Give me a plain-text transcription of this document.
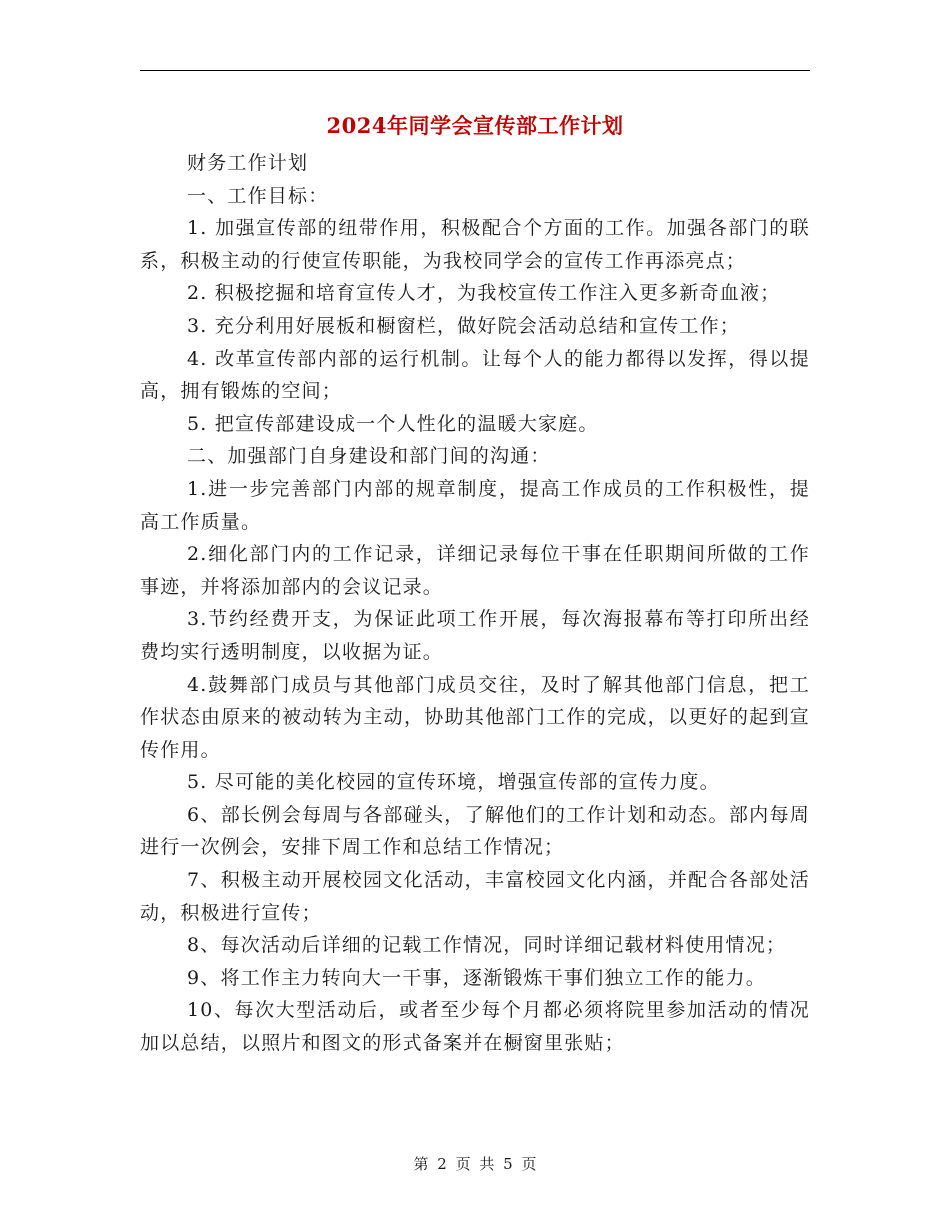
2024年同学会宣传部工作计划

财务工作计划

一、工作目标：

1. 加强宣传部的纽带作用，积极配合个方面的工作。加强各部门的联系，积极主动的行使宣传职能，为我校同学会的宣传工作再添亮点；

2. 积极挖掘和培育宣传人才，为我校宣传工作注入更多新奇血液；

3. 充分利用好展板和橱窗栏，做好院会活动总结和宣传工作；

4. 改革宣传部内部的运行机制。让每个人的能力都得以发挥，得以提高，拥有锻炼的空间；

5. 把宣传部建设成一个人性化的温暖大家庭。

二、加强部门自身建设和部门间的沟通：

1.进一步完善部门内部的规章制度，提高工作成员的工作积极性，提高工作质量。

2.细化部门内的工作记录，详细记录每位干事在任职期间所做的工作事迹，并将添加部内的会议记录。

3.节约经费开支，为保证此项工作开展，每次海报幕布等打印所出经费均实行透明制度，以收据为证。

4.鼓舞部门成员与其他部门成员交往，及时了解其他部门信息，把工作状态由原来的被动转为主动，协助其他部门工作的完成，以更好的起到宣传作用。

5. 尽可能的美化校园的宣传环境，增强宣传部的宣传力度。

6、部长例会每周与各部碰头，了解他们的工作计划和动态。部内每周进行一次例会，安排下周工作和总结工作情况；

7、积极主动开展校园文化活动，丰富校园文化内涵，并配合各部处活动，积极进行宣传；

8、每次活动后详细的记载工作情况，同时详细记载材料使用情况；

9、将工作主力转向大一干事，逐渐锻炼干事们独立工作的能力。

10、每次大型活动后，或者至少每个月都必须将院里参加活动的情况加以总结，以照片和图文的形式备案并在橱窗里张贴；

第 2 页 共 5 页
